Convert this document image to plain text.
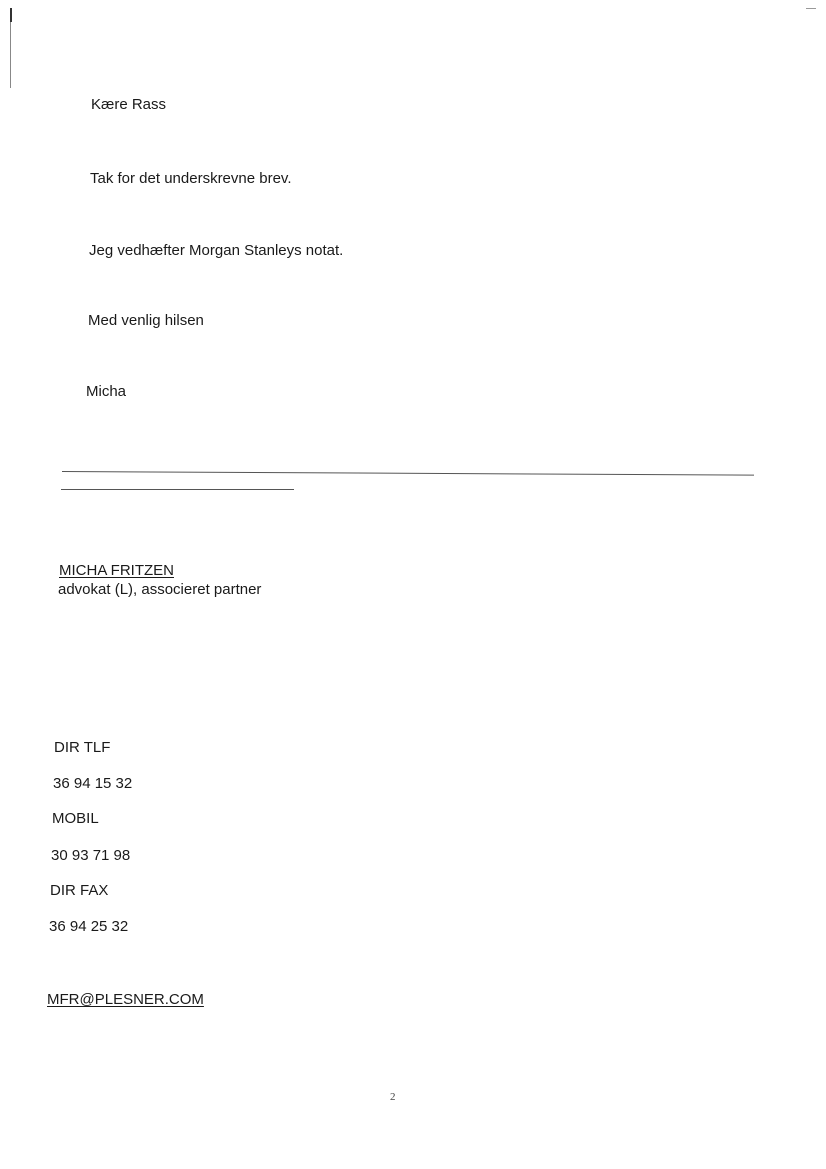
Kære Rass
Tak for det underskrevne brev.
Jeg vedhæfter Morgan Stanleys notat.
Med venlig hilsen
Micha
MICHA FRITZEN
advokat (L), associeret partner
DIR TLF
36 94 15 32
MOBIL
30 93 71 98
DIR FAX
36 94 25 32
MFR@PLESNER.COM
2
